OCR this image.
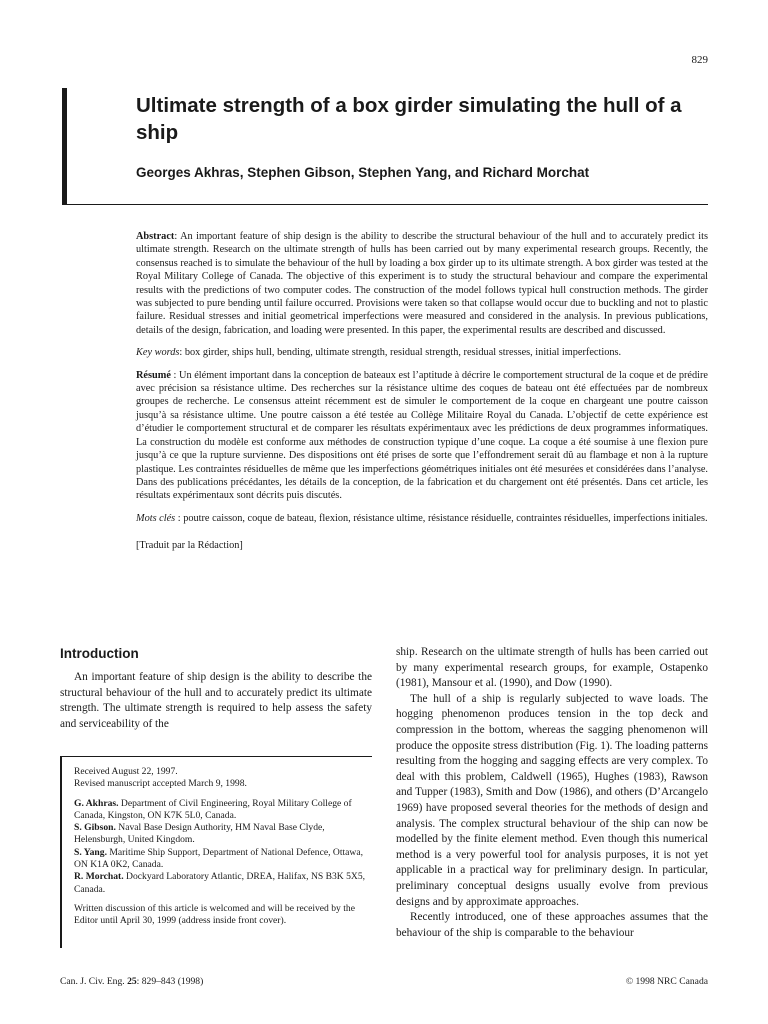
829
Ultimate strength of a box girder simulating the hull of a ship

Georges Akhras, Stephen Gibson, Stephen Yang, and Richard Morchat

Abstract: An important feature of ship design is the ability to describe the structural behaviour of the hull and to accurately predict its ultimate strength. Research on the ultimate strength of hulls has been carried out by many experimental research groups. Recently, the consensus reached is to simulate the behaviour of the hull by loading a box girder up to its ultimate strength. A box girder was tested at the Royal Military College of Canada. The objective of this experiment is to study the structural behaviour and compare the experimental results with the predictions of two computer codes. The construction of the model follows typical hull construction methods. The girder was subjected to pure bending until failure occurred. Provisions were taken so that collapse would occur due to buckling and not to plastic failure. Residual stresses and initial geometrical imperfections were measured and considered in the analysis. In previous publications, details of the design, fabrication, and loading were presented. In this paper, the experimental results are described and discussed.

Key words: box girder, ships hull, bending, ultimate strength, residual strength, residual stresses, initial imperfections.

Résumé : Un élément important dans la conception de bateaux est l’aptitude à décrire le comportement structural de la coque et de prédire avec précision sa résistance ultime. Des recherches sur la résistance ultime des coques de bateau ont été effectuées par de nombreux groupes de recherche. Le consensus atteint récemment est de simuler le comportement de la coque en chargeant une poutre caisson jusqu’à sa résistance ultime. Une poutre caisson a été testée au Collège Militaire Royal du Canada. L’objectif de cette expérience est d’étudier le comportement structural et de comparer les résultats expérimentaux avec les prédictions de deux programmes informatiques. La construction du modèle est conforme aux méthodes de construction typique d’une coque. La coque a été soumise à une flexion pure jusqu’à ce que la rupture survienne. Des dispositions ont été prises de sorte que l’effondrement serait dû au flambage et non à la rupture plastique. Les contraintes résiduelles de même que les imperfections géométriques initiales ont été mesurées et considérées dans l’analyse. Dans des publications précédantes, les détails de la conception, de la fabrication et du chargement ont été présentés. Dans cet article, les résultats expérimentaux sont décrits puis discutés.

Mots clés : poutre caisson, coque de bateau, flexion, résistance ultime, résistance résiduelle, contraintes résiduelles, imperfections initiales.

[Traduit par la Rédaction]

Introduction

An important feature of ship design is the ability to describe the structural behaviour of the hull and to accurately predict its ultimate strength. The ultimate strength is required to help assess the safety and serviceability of the

Received August 22, 1997.

Revised manuscript accepted March 9, 1998.

G. Akhras. Department of Civil Engineering, Royal Military College of Canada, Kingston, ON K7K 5L0, Canada.

S. Gibson. Naval Base Design Authority, HM Naval Base Clyde, Helensburgh, United Kingdom.

S. Yang. Maritime Ship Support, Department of National Defence, Ottawa, ON K1A 0K2, Canada.

R. Morchat. Dockyard Laboratory Atlantic, DREA, Halifax, NS B3K 5X5, Canada.

Written discussion of this article is welcomed and will be received by the Editor until April 30, 1999 (address inside front cover).

ship. Research on the ultimate strength of hulls has been carried out by many experimental research groups, for example, Ostapenko (1981), Mansour et al. (1990), and Dow (1990).

The hull of a ship is regularly subjected to wave loads. The hogging phenomenon produces tension in the top deck and compression in the bottom, whereas the sagging phenomenon will produce the opposite stress distribution (Fig. 1). The loading patterns resulting from the hogging and sagging effects are very complex. To deal with this problem, Caldwell (1965), Hughes (1983), Rawson and Tupper (1983), Smith and Dow (1986), and others (D’Arcangelo 1969) have proposed several theories for the methods of design and analysis. The complex structural behaviour of the ship can now be modelled by the finite element method. Even though this numerical method is a very powerful tool for analysis purposes, it is not yet applicable in a practical way for preliminary design. In particular, preliminary conceptual designs usually evolve from previous designs and by approximate approaches.

Recently introduced, one of these approaches assumes that the behaviour of the ship is comparable to the behaviour

Can. J. Civ. Eng. 25: 829–843 (1998)	© 1998 NRC Canada
